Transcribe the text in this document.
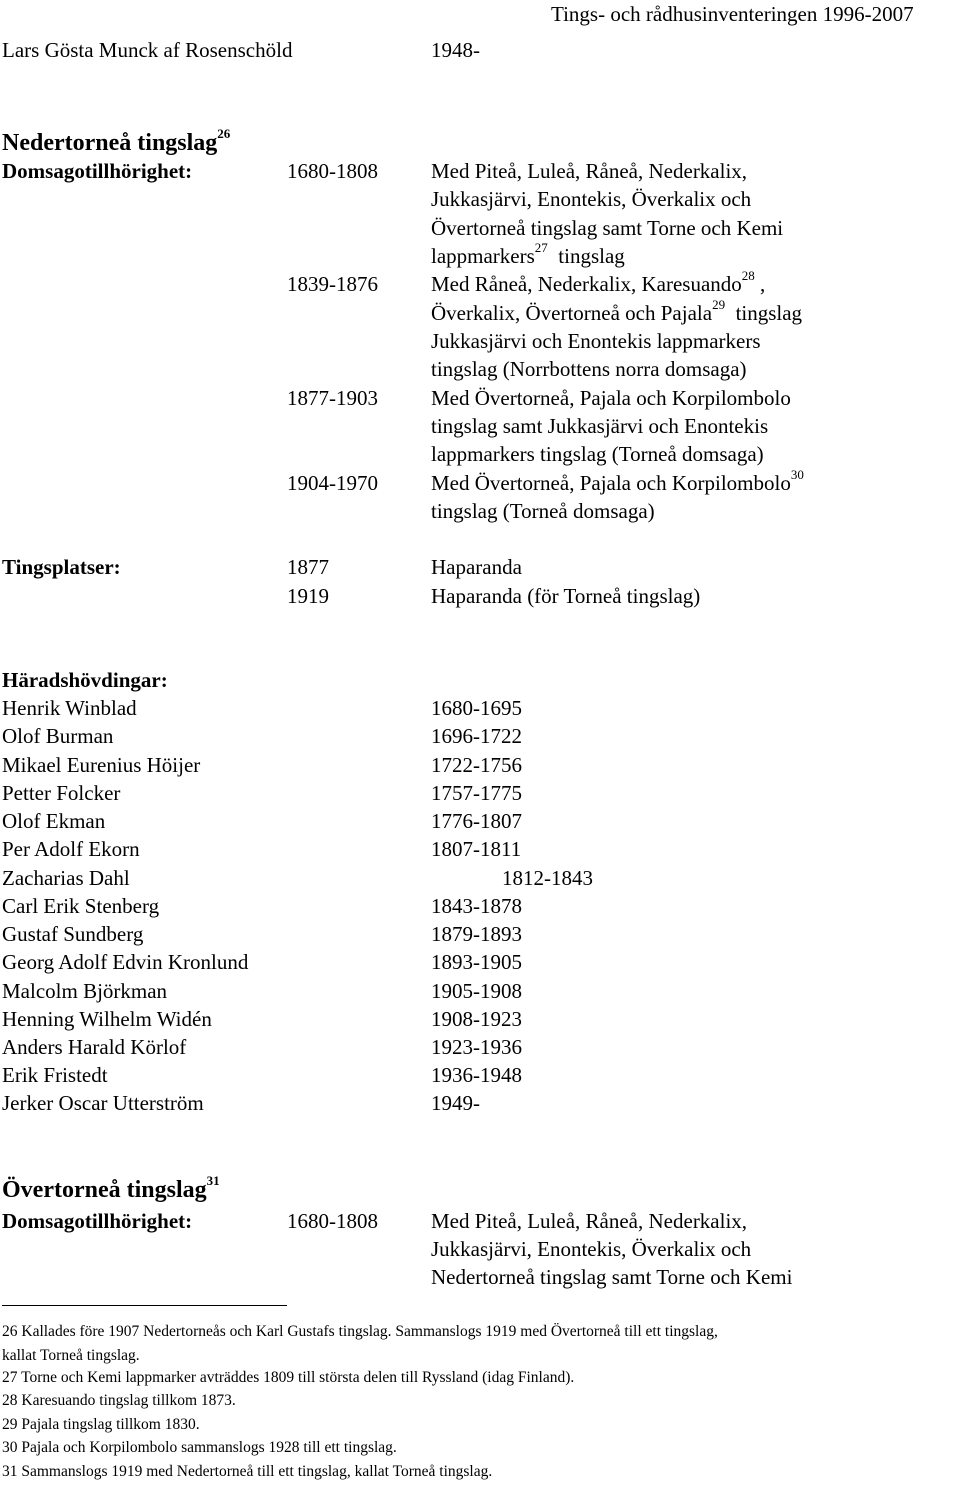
Tings- och rådhusinventeringen 1996-2007
Lars Gösta Munck af Rosenschöld	1948-
Nedertorneå tingslag$^{26}$
Domsagotillhörighet:	1680-1808	Med Piteå, Luleå, Råneå, Nederkalix,
Jukkasjärvi, Enontekis, Överkalix och
Övertorneå tingslag samt Torne och Kemi
lappmarkers$^{27}$ tingslag
1839-1876	Med Råneå, Nederkalix, Karesuando$^{28}$ ,
Överkalix, Övertorneå och Pajala$^{29}$ tingslag
Jukkasjärvi och Enontekis lappmarkers
tingslag (Norrbottens norra domsaga)
1877-1903	Med Övertorneå, Pajala och Korpilombolo
tingslag samt Jukkasjärvi och Enontekis
lappmarkers tingslag (Torneå domsaga)
1904-1970	Med Övertorneå, Pajala och Korpilombolo$^{30}$
tingslag (Torneå domsaga)
Tingsplatser:	1877	Haparanda
1919	Haparanda (för Torneå tingslag)
Häradshövdingar:
Henrik Winblad	1680-1695
Olof Burman	1696-1722
Mikael Eurenius Höijer	1722-1756
Petter Folcker	1757-1775
Olof Ekman	1776-1807
Per Adolf Ekorn	1807-1811
Zacharias Dahl	1812-1843
Carl Erik Stenberg	1843-1878
Gustaf Sundberg	1879-1893
Georg Adolf Edvin Kronlund	1893-1905
Malcolm Björkman	1905-1908
Henning Wilhelm Widén	1908-1923
Anders Harald Körlof	1923-1936
Erik Fristedt	1936-1948
Jerker Oscar Utterström	1949-
Övertorneå tingslag$^{31}$
Domsagotillhörighet:	1680-1808	Med Piteå, Luleå, Råneå, Nederkalix,
Jukkasjärvi, Enontekis, Överkalix och
Nedertorneå tingslag samt Torne och Kemi
26 Kallades före 1907 Nedertorneås och Karl Gustafs tingslag. Sammanslogs 1919 med Övertorneå till ett tingslag,
kallat Torneå tingslag.
27 Torne och Kemi lappmarker avträddes 1809 till största delen till Ryssland (idag Finland).
28 Karesuando tingslag tillkom 1873.
29 Pajala tingslag tillkom 1830.
30 Pajala och Korpilombolo sammanslogs 1928 till ett tingslag.
31 Sammanslogs 1919 med Nedertorneå till ett tingslag, kallat Torneå tingslag.
